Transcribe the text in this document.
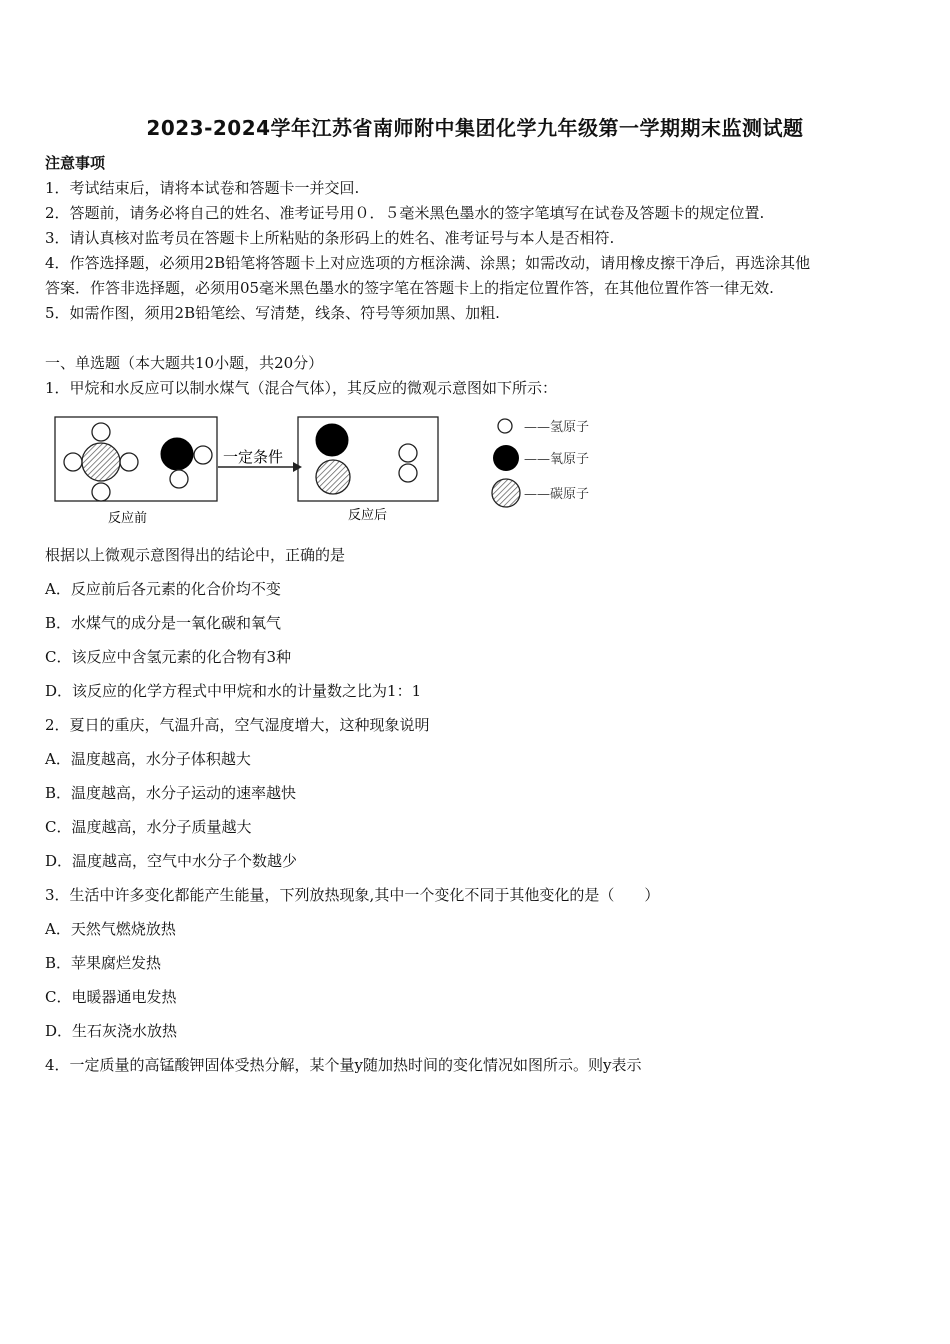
2023-2024学年江苏省南师附中集团化学九年级第一学期期末监测试题
注意事项
1．考试结束后，请将本试卷和答题卡一并交回.
2．答题前，请务必将自己的姓名、准考证号用０．５毫米黑色墨水的签字笔填写在试卷及答题卡的规定位置.
3．请认真核对监考员在答题卡上所粘贴的条形码上的姓名、准考证号与本人是否相符.
4．作答选择题，必须用2B铅笔将答题卡上对应选项的方框涂满、涂黑；如需改动，请用橡皮擦干净后，再选涂其他
答案．作答非选择题，必须用05毫米黑色墨水的签字笔在答题卡上的指定位置作答，在其他位置作答一律无效.
5．如需作图，须用2B铅笔绘、写清楚，线条、符号等须加黑、加粗.
一、单选题（本大题共10小题，共20分）
1．甲烷和水反应可以制水煤气（混合气体），其反应的微观示意图如下所示：
一定条件
反应前	反应后
——氢原子
——氧原子
——碳原子
根据以上微观示意图得出的结论中，正确的是
A．反应前后各元素的化合价均不变
B．水煤气的成分是一氧化碳和氧气
C．该反应中含氢元素的化合物有3种
D．该反应的化学方程式中甲烷和水的计量数之比为1：1
2．夏日的重庆，气温升高，空气湿度增大，这种现象说明
A．温度越高，水分子体积越大
B．温度越高，水分子运动的速率越快
C．温度越高，水分子质量越大
D．温度越高，空气中水分子个数越少
3．生活中许多变化都能产生能量，下列放热现象,其中一个变化不同于其他变化的是（　　）
A．天然气燃烧放热
B．苹果腐烂发热
C．电暖器通电发热
D．生石灰浇水放热
4．一定质量的高锰酸钾固体受热分解，某个量y随加热时间的变化情况如图所示。则y表示
